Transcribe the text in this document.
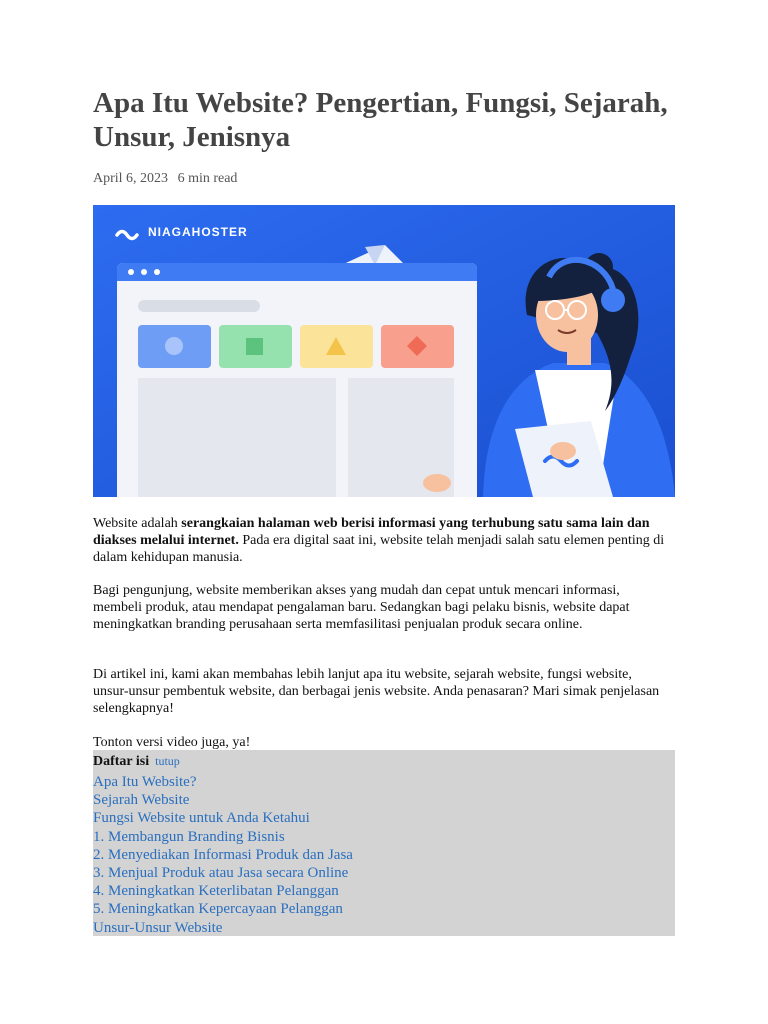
Apa Itu Website? Pengertian, Fungsi, Sejarah, Unsur, Jenisnya
April 6, 2023 6 min read
NIAGAHOSTER

Website adalah serangkaian halaman web berisi informasi yang terhubung satu sama lain dan diakses melalui internet. Pada era digital saat ini, website telah menjadi salah satu elemen penting di dalam kehidupan manusia.

Bagi pengunjung, website memberikan akses yang mudah dan cepat untuk mencari informasi, membeli produk, atau mendapat pengalaman baru. Sedangkan bagi pelaku bisnis, website dapat meningkatkan branding perusahaan serta memfasilitasi penjualan produk secara online.

Di artikel ini, kami akan membahas lebih lanjut apa itu website, sejarah website, fungsi website, unsur-unsur pembentuk website, dan berbagai jenis website. Anda penasaran? Mari simak penjelasan selengkapnya!

Tonton versi video juga, ya!

Daftar isi tutup
Apa Itu Website?
Sejarah Website
Fungsi Website untuk Anda Ketahui
1. Membangun Branding Bisnis
2. Menyediakan Informasi Produk dan Jasa
3. Menjual Produk atau Jasa secara Online
4. Meningkatkan Keterlibatan Pelanggan
5. Meningkatkan Kepercayaan Pelanggan
Unsur-Unsur Website
